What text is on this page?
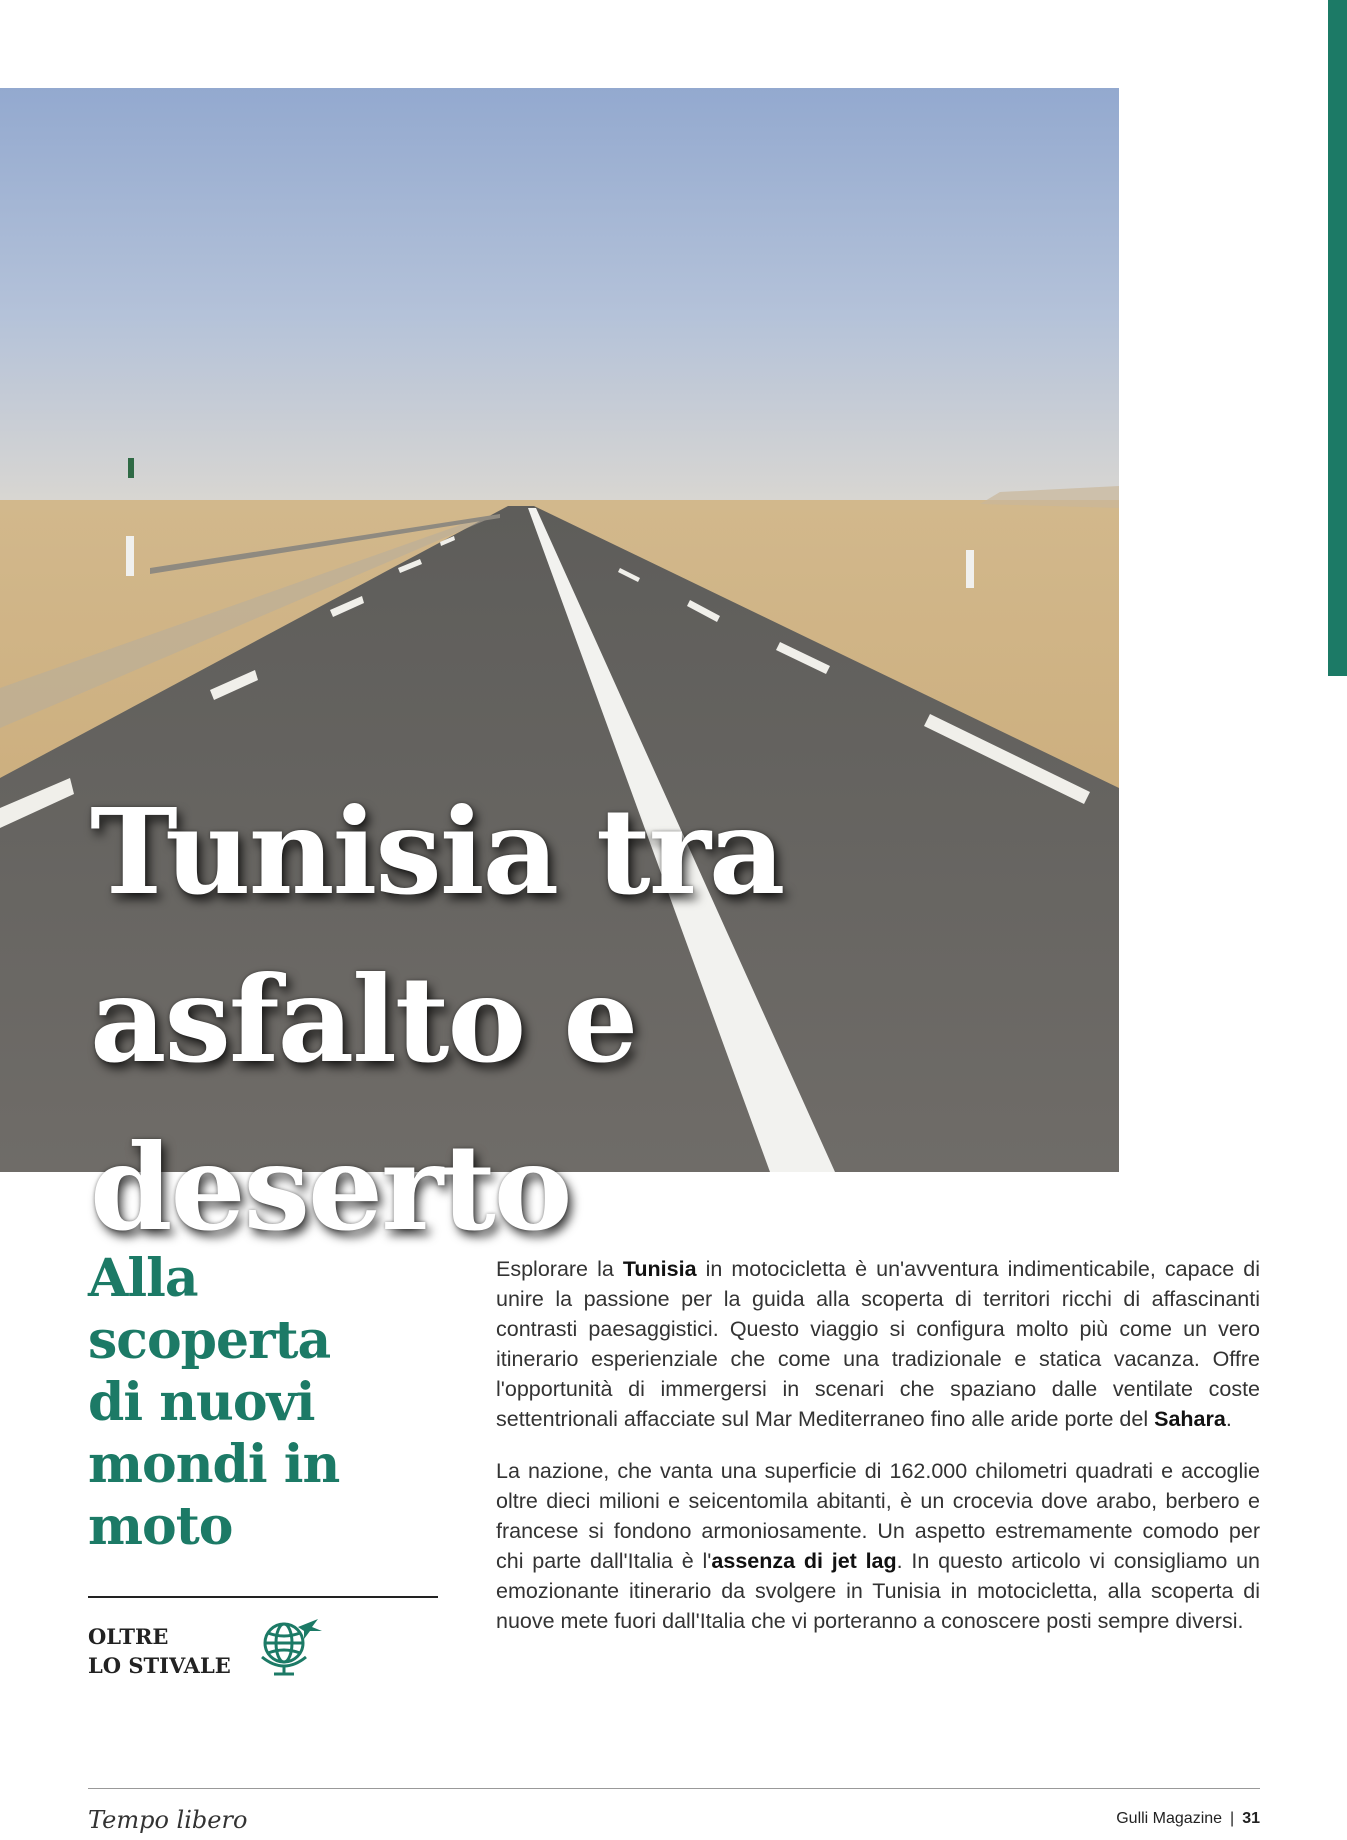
Tunisia tra
asfalto e
deserto
Alla
scoperta
di nuovi
mondi in
moto
OLTRE
LO STIVALE

Esplorare la Tunisia in motocicletta è un'avventura indimenticabile, capace di unire la passione per la guida alla scoperta di territori ricchi di affascinanti contrasti paesaggistici. Questo viaggio si configura molto più come un vero itinerario esperienziale che come una tradizionale e statica vacanza. Offre l'opportunità di immergersi in scenari che spaziano dalle ventilate coste settentrionali affacciate sul Mar Mediterraneo fino alle aride porte del Sahara.

La nazione, che vanta una superficie di 162.000 chilometri quadrati e accoglie oltre dieci milioni e seicentomila abitanti, è un crocevia dove arabo, berbero e francese si fondono armoniosamente. Un aspetto estremamente comodo per chi parte dall'Italia è l'assenza di jet lag. In questo articolo vi consigliamo un emozionante itinerario da svolgere in Tunisia in motocicletta, alla scoperta di nuove mete fuori dall'Italia che vi porteranno a conoscere posti sempre diversi.

Tempo libero	Gulli Magazine | 31
